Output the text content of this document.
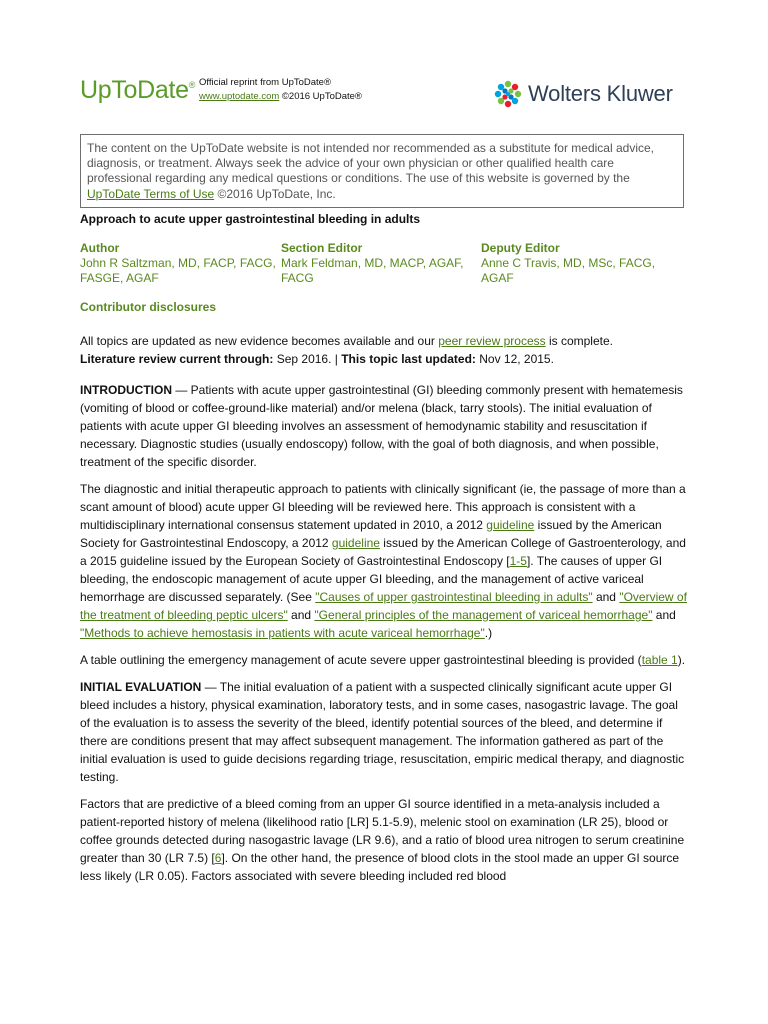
UpToDate® Official reprint from UpToDate®
www.uptodate.com ©2016 UpToDate®	Wolters Kluwer
The content on the UpToDate website is not intended nor recommended as a substitute for medical advice, diagnosis, or treatment. Always seek the advice of your own physician or other qualified health care professional regarding any medical questions or conditions. The use of this website is governed by the UpToDate Terms of Use ©2016 UpToDate, Inc.
Approach to acute upper gastrointestinal bleeding in adults
Author
John R Saltzman, MD, FACP, FACG, FASGE, AGAF
Section Editor
Mark Feldman, MD, MACP, AGAF, FACG
Deputy Editor
Anne C Travis, MD, MSc, FACG, AGAF
Contributor disclosures

All topics are updated as new evidence becomes available and our peer review process is complete.
Literature review current through: Sep 2016. | This topic last updated: Nov 12, 2015.

INTRODUCTION — Patients with acute upper gastrointestinal (GI) bleeding commonly present with hematemesis (vomiting of blood or coffee-ground-like material) and/or melena (black, tarry stools). The initial evaluation of patients with acute upper GI bleeding involves an assessment of hemodynamic stability and resuscitation if necessary. Diagnostic studies (usually endoscopy) follow, with the goal of both diagnosis, and when possible, treatment of the specific disorder.

The diagnostic and initial therapeutic approach to patients with clinically significant (ie, the passage of more than a scant amount of blood) acute upper GI bleeding will be reviewed here. This approach is consistent with a multidisciplinary international consensus statement updated in 2010, a 2012 guideline issued by the American Society for Gastrointestinal Endoscopy, a 2012 guideline issued by the American College of Gastroenterology, and a 2015 guideline issued by the European Society of Gastrointestinal Endoscopy [1-5]. The causes of upper GI bleeding, the endoscopic management of acute upper GI bleeding, and the management of active variceal hemorrhage are discussed separately. (See "Causes of upper gastrointestinal bleeding in adults" and "Overview of the treatment of bleeding peptic ulcers" and "General principles of the management of variceal hemorrhage" and "Methods to achieve hemostasis in patients with acute variceal hemorrhage".)

A table outlining the emergency management of acute severe upper gastrointestinal bleeding is provided (table 1).

INITIAL EVALUATION — The initial evaluation of a patient with a suspected clinically significant acute upper GI bleed includes a history, physical examination, laboratory tests, and in some cases, nasogastric lavage. The goal of the evaluation is to assess the severity of the bleed, identify potential sources of the bleed, and determine if there are conditions present that may affect subsequent management. The information gathered as part of the initial evaluation is used to guide decisions regarding triage, resuscitation, empiric medical therapy, and diagnostic testing.

Factors that are predictive of a bleed coming from an upper GI source identified in a meta-analysis included a patient-reported history of melena (likelihood ratio [LR] 5.1-5.9), melenic stool on examination (LR 25), blood or coffee grounds detected during nasogastric lavage (LR 9.6), and a ratio of blood urea nitrogen to serum creatinine greater than 30 (LR 7.5) [6]. On the other hand, the presence of blood clots in the stool made an upper GI source less likely (LR 0.05). Factors associated with severe bleeding included red blood
